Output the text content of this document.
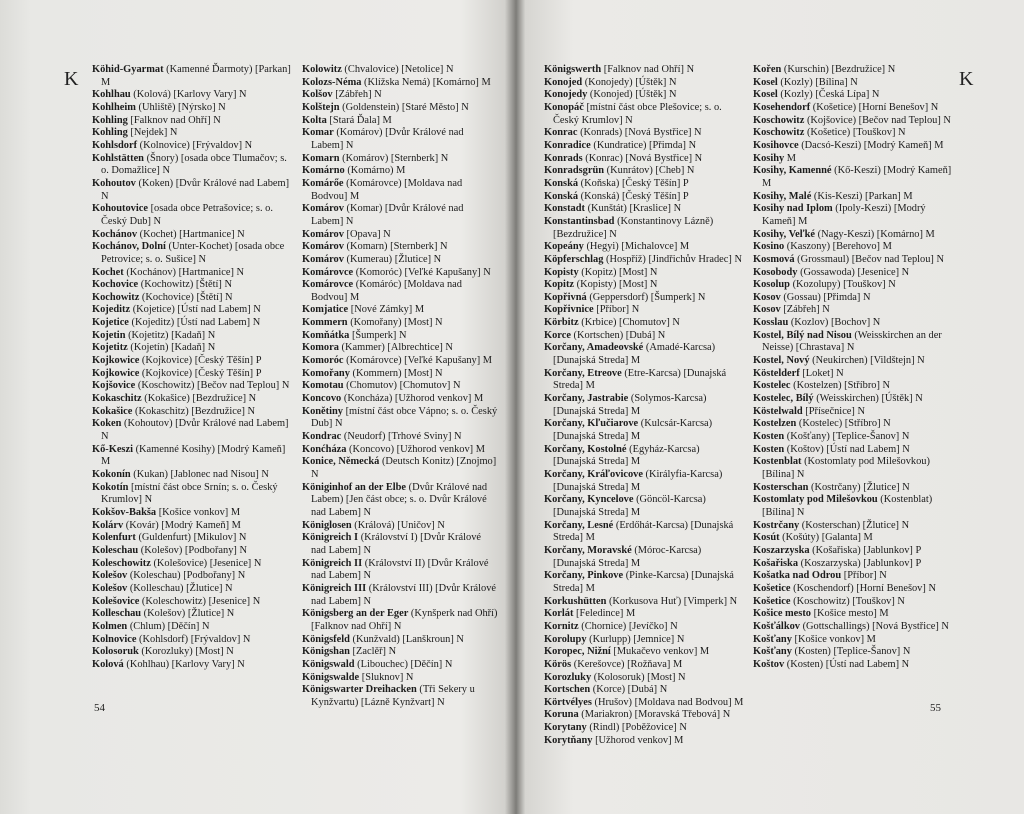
K	K
Köhid-Gyarmat (Kamenné Ďarmoty) [Parkan] M
Kohlhau (Kolová) [Karlovy Vary] N
Kohlheim (Uhliště) [Nýrsko] N
Kohling [Falknov nad Ohří] N
Kohling [Nejdek] N
Kohlsdorf (Kolnovice) [Frývaldov] N
Kohlstätten (Šnory) [osada obce Tlumačov; s. o. Domažlice] N
Kohoutov (Koken) [Dvůr Králové nad Labem] N
Kohoutovice [osada obce Petrašovice; s. o. Český Dub] N
Kochánov (Kochet) [Hartmanice] N
Kochánov, Dolní (Unter-Kochet) [osada obce Petrovice; s. o. Sušice] N
Kochet (Kochánov) [Hartmanice] N
Kochovice (Kochowitz) [Štětí] N
Kochowitz (Kochovice) [Štětí] N
Kojeditz (Kojetice) [Ústí nad Labem] N
Kojetice (Kojeditz) [Ústí nad Labem] N
Kojetin (Kojetitz) [Kadaň] N
Kojetitz (Kojetín) [Kadaň] N
Kojkowice (Kojkovice) [Český Těšín] P
Kojkowice (Kojkovice) [Český Těšín] P
Kojšovice (Koschowitz) [Bečov nad Teplou] N
Kokaschitz (Kokašice) [Bezdružice] N
Kokašice (Kokaschitz) [Bezdružice] N
Koken (Kohoutov) [Dvůr Králové nad Labem] N
Kő-Keszi (Kamenné Kosihy) [Modrý Kameň] M
Kokonín (Kukan) [Jablonec nad Nisou] N
Kokotín [místní část obce Srnín; s. o. Český Krumlov] N
Kokšov-Bakša [Košice vonkov] M
Kolárv (Kovár) [Modrý Kameň] M
Kolenfurt (Guldenfurt) [Mikulov] N
Koleschau (Kolešov) [Podbořany] N
Koleschowitz (Kolešovice) [Jesenice] N
Kolešov (Koleschau) [Podbořany] N
Kolešov (Kolleschau) [Žlutice] N
Kolešovice (Koleschowitz) [Jesenice] N
Kolleschau (Kolešov) [Žlutice] N
Kolmen (Chlum) [Děčín] N
Kolnovice (Kohlsdorf) [Frývaldov] N
Kolosoruk (Korozluky) [Most] N
Kolová (Kohlhau) [Karlovy Vary] N
Kolowitz (Chvalovice) [Netolice] N
Kolozs-Néma (Klížska Nemá) [Komárno] M
Kolšov [Zábřeh] N
Kolštejn (Goldenstein) [Staré Město] N
Kolta [Stará Ďala] M
Komar (Komárov) [Dvůr Králové nad Labem] N
Komarn (Komárov) [Sternberk] N
Komárno (Komárno) M
Komárőe (Komárovce) [Moldava nad Bodvou] M
Komárov (Komar) [Dvůr Králové nad Labem] N
Komárov [Opava] N
Komárov (Komarn) [Sternberk] N
Komárov (Kumerau) [Žlutice] N
Komárovce (Komoróc) [Veľké Kapušany] N
Komárovce (Komáróc) [Moldava nad Bodvou] M
Komjatice [Nové Zámky] M
Kommern (Komořany) [Most] N
Komňátka [Šumperk] N
Komora (Kammer) [Albrechtice] N
Komoróc (Komárovce) [Veľké Kapušany] M
Komořany (Kommern) [Most] N
Komotau (Chomutov) [Chomutov] N
Koncovo (Koncháza) [Užhorod venkov] M
Konětiny [místní část obce Vápno; s. o. Český Dub] N
Kondrac (Neudorf) [Trhové Sviny] N
Konćháza (Koncovo) [Užhorod venkov] M
Konice, Německá (Deutsch Konitz) [Znojmo] N
Königinhof an der Elbe (Dvůr Králové nad Labem) [Jen část obce; s. o. Dvůr Králové nad Labem] N
Königlosen (Králová) [Uničov] N
Königreich I (Království I) [Dvůr Králové nad Labem] N
Königreich II (Království II) [Dvůr Králové nad Labem] N
Königreich III (Království III) [Dvůr Králové nad Labem] N
Königsberg an der Eger (Kynšperk nad Ohří) [Falknov nad Ohří] N
Königsfeld (Kunžvald) [Lanškroun] N
Königshan [Zaclěř] N
Königswald (Libouchec) [Děčín] N
Königswalde [Sluknov] N
Königswarter Dreihacken (Tři Sekery u Kynžvartu) [Lázně Kynžvart] N
Königswerth [Falknov nad Ohří] N
Konojed (Konojedy) [Úštěk] N
Konojedy (Konojed) [Úštěk] N
Konopáč [místní část obce Plešovice; s. o. Český Krumlov] N
Konrac (Konrads) [Nová Bystřice] N
Konradice (Kundratice) [Přimda] N
Konrads (Konrac) [Nová Bystřice] N
Konradsgrün (Kunrátov) [Cheb] N
Konská (Koňska) [Český Těšín] P
Konská (Konská) [Český Těšín] P
Konstadt (Kunštát) [Kraslice] N
Konstantinsbad (Konstantinovy Lázně) [Bezdružice] N
Kopeány (Hegyi) [Michalovce] M
Köpferschlag (Hospříž) [Jindřichův Hradec] N
Kopisty (Kopitz) [Most] N
Kopitz (Kopisty) [Most] N
Kopřivná (Geppersdorf) [Šumperk] N
Kopřivnice [Příbor] N
Körbitz (Krbice) [Chomutov] N
Korce (Kortschen) [Dubá] N
Korčany, Amadeovské (Amadé-Karcsa) [Dunajská Streda] M
Korčany, Etreove (Etre-Karcsa) [Dunajská Streda] M
Korčany, Jastrabie (Solymos-Karcsa) [Dunajská Streda] M
Korčany, Kľučiarove (Kulcsár-Karcsa) [Dunajská Streda] M
Korčany, Kostolné (Egyház-Karcsa) [Dunajská Streda] M
Korčany, Kráľovicove (Királyfia-Karcsa) [Dunajská Streda] M
Korčany, Kyncelove (Göncöl-Karcsa) [Dunajská Streda] M
Korčany, Lesné (Erdőhát-Karcsa) [Dunajská Streda] M
Korčany, Moravské (Móroc-Karcsa) [Dunajská Streda] M
Korčany, Pinkove (Pinke-Karcsa) [Dunajská Streda] M
Korkushütten (Korkusova Huť) [Vimperk] N
Korlát [Feledince] M
Kornitz (Chornice) [Jevíčko] N
Korolupy (Kurlupp) [Jemnice] N
Koropec, Nižní [Mukačevo venkov] M
Körös (Kerešovce) [Rožňava] M
Korozluky (Kolosoruk) [Most] N
Kortschen (Korce) [Dubá] N
Körtvélyes (Hrušov) [Moldava nad Bodvou] M
Koruna (Mariakron) [Moravská Třebová] N
Korytany (Rindl) [Poběžovice] N
Korytňany [Užhorod venkov] M
Kořen (Kurschin) [Bezdružice] N
Kosel (Kozly) [Bílina] N
Kosel (Kozly) [Česká Lípa] N
Kosehendorf (Košetice) [Horní Benešov] N
Koschowitz (Kojšovice) [Bečov nad Teplou] N
Koschowitz (Košetice) [Touškov] N
Kosihovce (Dacsó-Keszi) [Modrý Kameň] M
Kosihy M
Kosihy, Kamenné (Kő-Keszi) [Modrý Kameň] M
Kosihy, Malé (Kis-Keszi) [Parkan] M
Kosihy nad Iplom (Ipoly-Keszi) [Modrý Kameň] M
Kosihy, Veľké (Nagy-Keszi) [Komárno] M
Kosino (Kaszony) [Berehovo] M
Kosmová (Grossmaul) [Bečov nad Teplou] N
Kosobody (Gossawoda) [Jesenice] N
Kosolup (Kozolupy) [Touškov] N
Kosov (Gossau) [Přimda] N
Kosov [Zábřeh] N
Kosslau (Kozlov) [Bochov] N
Kostel, Bílý nad Nisou (Weisskirchen an der Neisse) [Chrastava] N
Kostel, Nový (Neukirchen) [Vildštejn] N
Köstelderf [Loket] N
Kostelec (Kostelzen) [Stříbro] N
Kostelec, Bílý (Weisskirchen) [Úštěk] N
Köstelwald [Přísečnice] N
Kostelzen (Kostelec) [Stříbro] N
Kosten (Košťany) [Teplice-Šanov] N
Kosten (Koštov) [Ústí nad Labem] N
Kostenblat (Kostomlaty pod Milešovkou) [Bílina] N
Kosterschan (Kostrčany) [Žlutice] N
Kostomlaty pod Milešovkou (Kostenblat) [Bílina] N
Kostrčany (Kosterschan) [Žlutice] N
Kosút (Košúty) [Galanta] M
Koszarzyska (Košařiska) [Jablunkov] P
Košařiska (Koszarzyska) [Jablunkov] P
Košatka nad Odrou [Příbor] N
Košetice (Koschendorf) [Horní Benešov] N
Košetice (Koschowitz) [Touškov] N
Košice mesto [Košice mesto] M
Košťálkov (Gottschallings) [Nová Bystřice] N
Košťany [Košice vonkov] M
Košťany (Kosten) [Teplice-Šanov] N
Koštov (Kosten) [Ústí nad Labem] N
54	55
